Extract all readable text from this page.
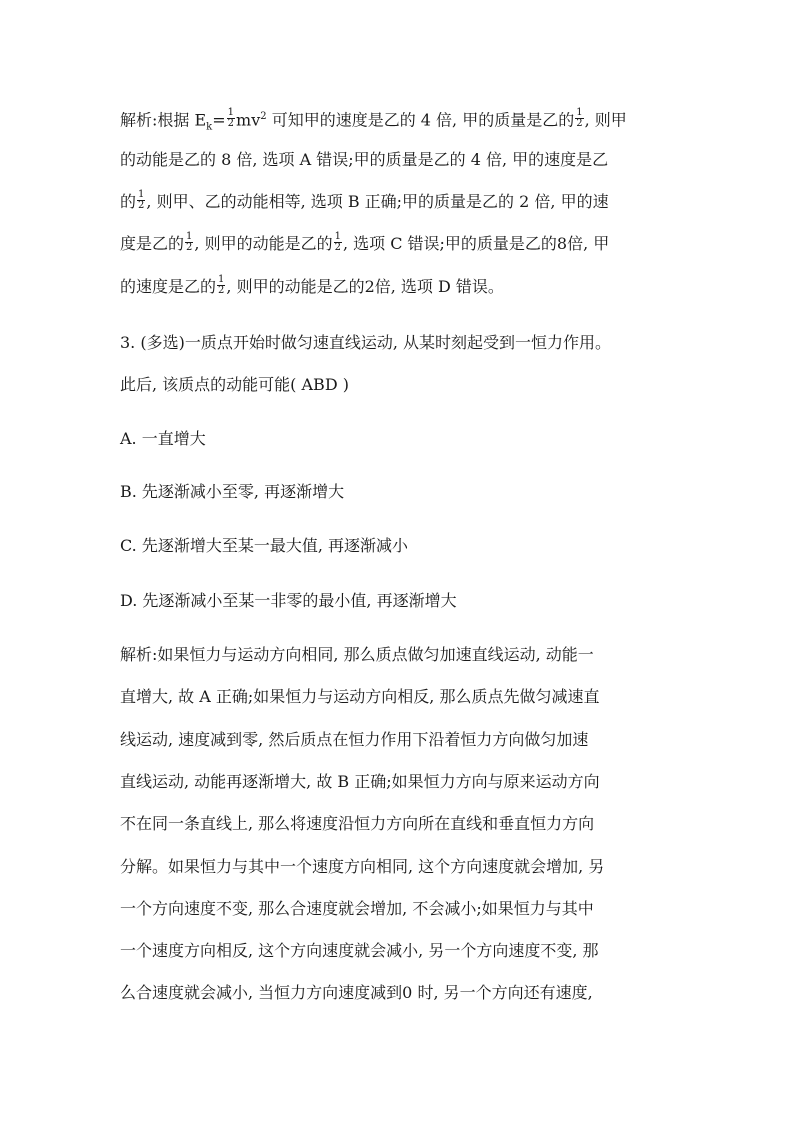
解析:根据 $E_k= \frac{1}{2} mv^2$ 可知甲的速度是乙的 4 倍, 甲的质量是乙的 $\frac{1}{2}$ , 则甲
的动能是乙的 8 倍, 选项 A 错误;甲的质量是乙的 4 倍, 甲的速度是乙
的 $\frac{1}{2}$ , 则甲、乙的动能相等, 选项 B 正确;甲的质量是乙的 2 倍, 甲的速
度是乙的 $\frac{1}{2}$ , 则甲的动能是乙的 $\frac{1}{2}$ , 选项 C 错误;甲的质量是乙的8倍, 甲
的速度是乙的 $\frac{1}{2}$ , 则甲的动能是乙的2倍, 选项 D 错误。
3. (多选)一质点开始时做匀速直线运动, 从某时刻起受到一恒力作用。
此后, 该质点的动能可能( ABD )
A. 一直增大
B. 先逐渐减小至零, 再逐渐增大
C. 先逐渐增大至某一最大值, 再逐渐减小
D. 先逐渐减小至某一非零的最小值, 再逐渐增大
解析:如果恒力与运动方向相同, 那么质点做匀加速直线运动, 动能一
直增大, 故 A 正确;如果恒力与运动方向相反, 那么质点先做匀减速直
线运动, 速度减到零, 然后质点在恒力作用下沿着恒力方向做匀加速
直线运动, 动能再逐渐增大, 故 B 正确;如果恒力方向与原来运动方向
不在同一条直线上, 那么将速度沿恒力方向所在直线和垂直恒力方向
分解。如果恒力与其中一个速度方向相同, 这个方向速度就会增加, 另
一个方向速度不变, 那么合速度就会增加, 不会减小;如果恒力与其中
一个速度方向相反, 这个方向速度就会减小, 另一个方向速度不变, 那
么合速度就会减小, 当恒力方向速度减到0 时, 另一个方向还有速度,
